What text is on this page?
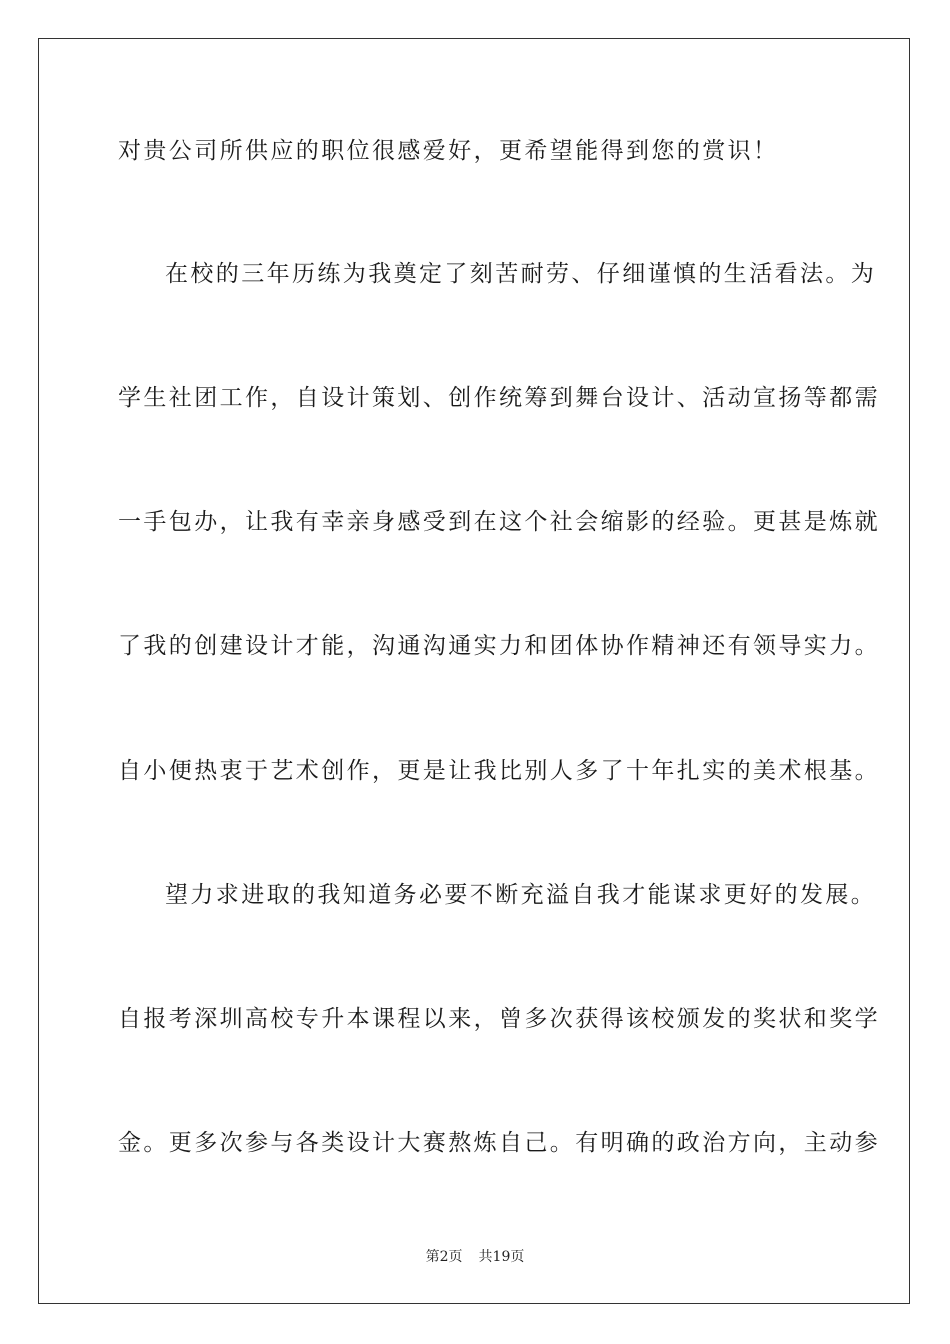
对贵公司所供应的职位很感爱好，更希望能得到您的赏识！
在校的三年历练为我奠定了刻苦耐劳、仔细谨慎的生活看法。为
学生社团工作，自设计策划、创作统筹到舞台设计、活动宣扬等都需
一手包办，让我有幸亲身感受到在这个社会缩影的经验。更甚是炼就
了我的创建设计才能，沟通沟通实力和团体协作精神还有领导实力。
自小便热衷于艺术创作，更是让我比别人多了十年扎实的美术根基。
望力求进取的我知道务必要不断充溢自我才能谋求更好的发展。
自报考深圳高校专升本课程以来，曾多次获得该校颁发的奖状和奖学
金。更多次参与各类设计大赛熬炼自己。有明确的政治方向，主动参
第2页 共19页
